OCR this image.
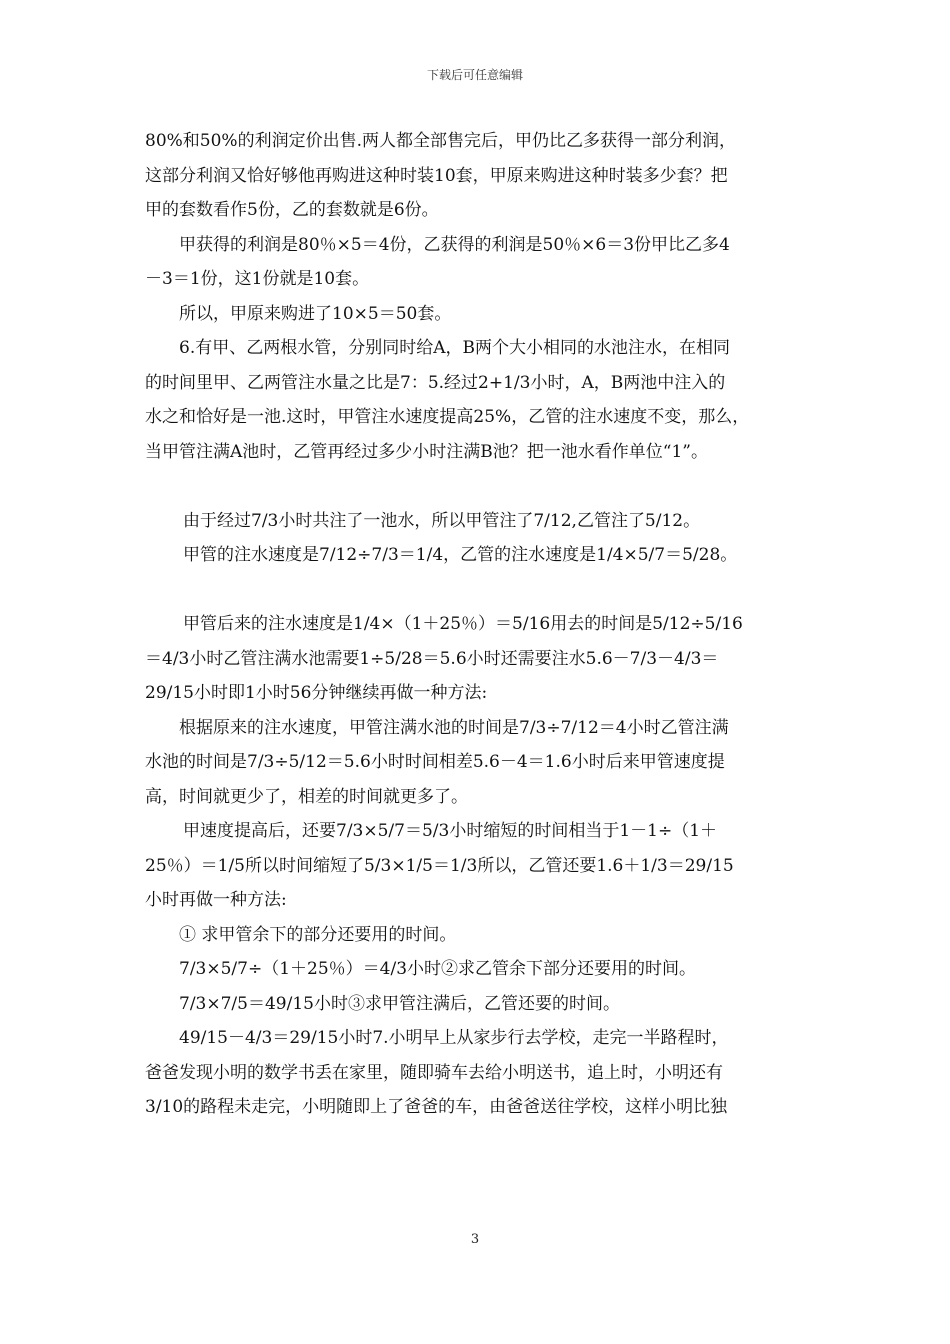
下载后可任意编辑
80%和50%的利润定价出售.两人都全部售完后，甲仍比乙多获得一部分利润，
这部分利润又恰好够他再购进这种时装10套，甲原来购进这种时装多少套？把
甲的套数看作5份，乙的套数就是6份。
甲获得的利润是80％×5＝4份，乙获得的利润是50％×6＝3份甲比乙多4
－3＝1份，这1份就是10套。
所以，甲原来购进了10×5＝50套。
6.有甲、乙两根水管，分别同时给A，B两个大小相同的水池注水，在相同
的时间里甲、乙两管注水量之比是7：5.经过2+1/3小时，A，B两池中注入的
水之和恰好是一池.这时，甲管注水速度提高25%，乙管的注水速度不变，那么，
当甲管注满A池时，乙管再经过多少小时注满B池？把一池水看作单位“1”。
由于经过7/3小时共注了一池水，所以甲管注了7/12,乙管注了5/12。
甲管的注水速度是7/12÷7/3＝1/4，乙管的注水速度是1/4×5/7＝5/28。
甲管后来的注水速度是1/4×（1＋25％）＝5/16用去的时间是5/12÷5/16
＝4/3小时乙管注满水池需要1÷5/28＝5.6小时还需要注水5.6－7/3－4/3＝
29/15小时即1小时56分钟继续再做一种方法:
根据原来的注水速度，甲管注满水池的时间是7/3÷7/12＝4小时乙管注满
水池的时间是7/3÷5/12＝5.6小时时间相差5.6－4＝1.6小时后来甲管速度提
高，时间就更少了，相差的时间就更多了。
甲速度提高后，还要7/3×5/7＝5/3小时缩短的时间相当于1－1÷（1＋
25％）＝1/5所以时间缩短了5/3×1/5＝1/3所以，乙管还要1.6＋1/3＝29/15
小时再做一种方法:
① 求甲管余下的部分还要用的时间。
7/3×5/7÷（1＋25％）＝4/3小时②求乙管余下部分还要用的时间。
7/3×7/5＝49/15小时③求甲管注满后，乙管还要的时间。
49/15－4/3＝29/15小时7.小明早上从家步行去学校，走完一半路程时，
爸爸发现小明的数学书丢在家里，随即骑车去给小明送书，追上时，小明还有
3/10的路程未走完，小明随即上了爸爸的车，由爸爸送往学校，这样小明比独
3
